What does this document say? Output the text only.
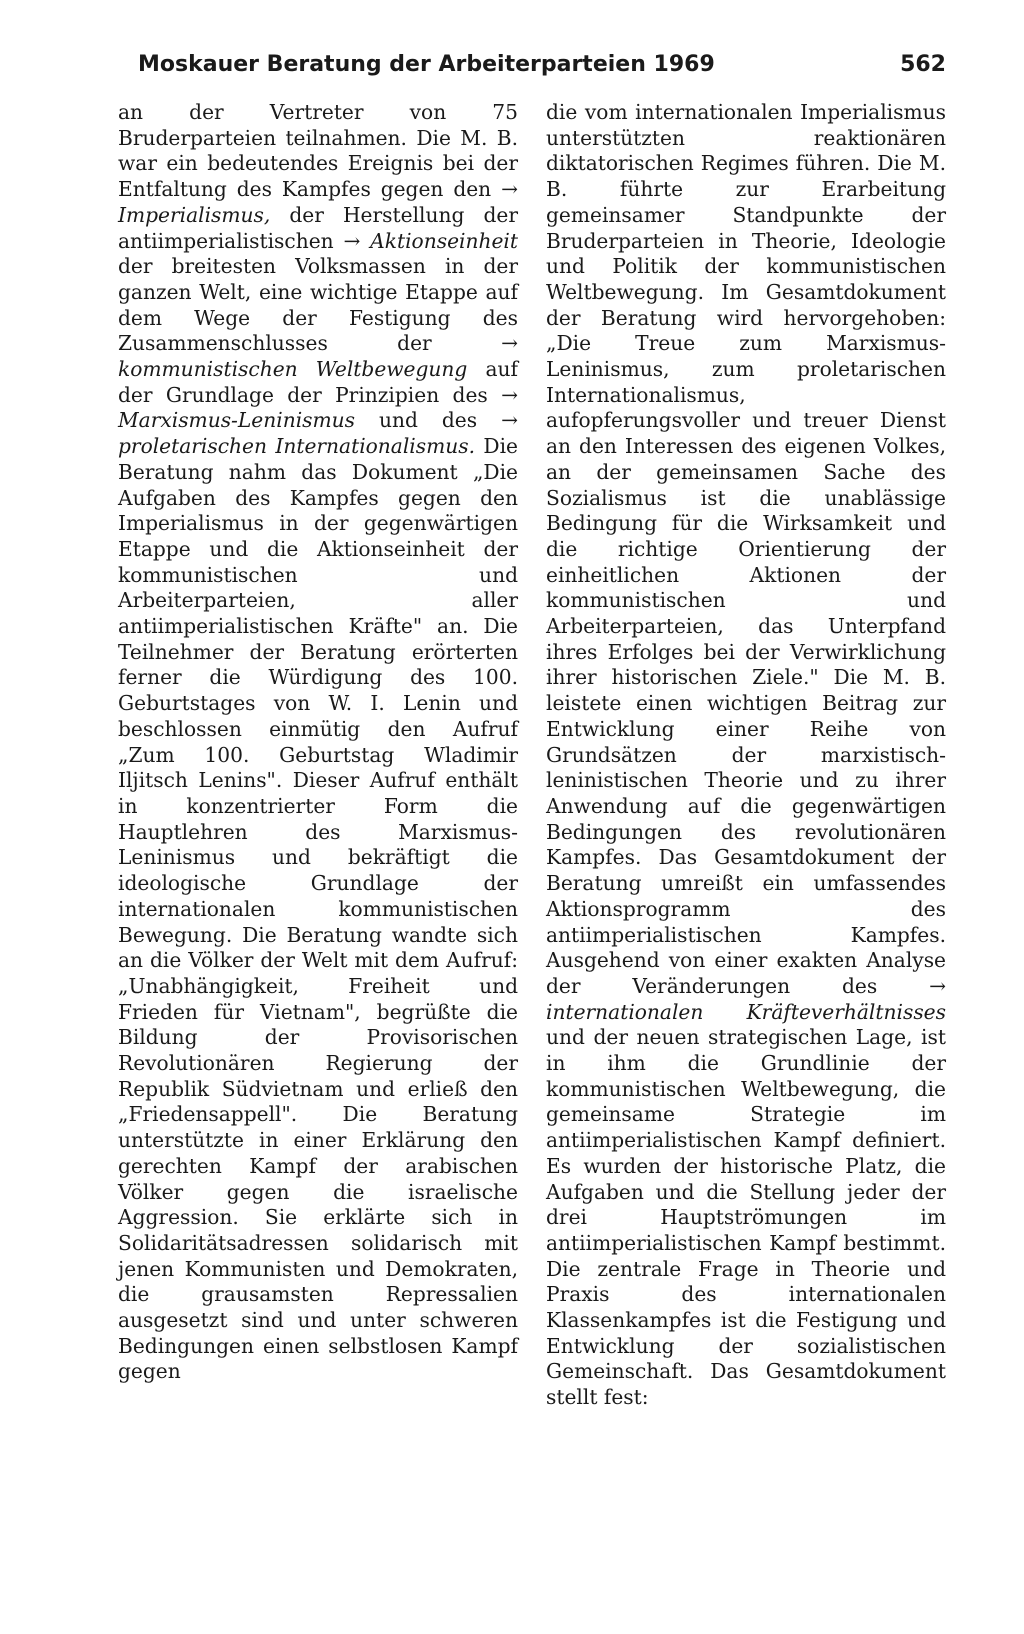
Moskauer Beratung der Arbeiterparteien 1969	562

an der Vertreter von 75 Bruderparteien teilnahmen. Die M. B. war ein bedeutendes Ereignis bei der Entfaltung des Kampfes gegen den → Imperialismus, der Herstellung der antiimperialistischen → Aktionseinheit der breitesten Volksmassen in der ganzen Welt, eine wichtige Etappe auf dem Wege der Festigung des Zusammenschlusses der → kommunistischen Weltbewegung auf der Grundlage der Prinzipien des → Marxismus-Leninismus und des → proletarischen Internationalismus. Die Beratung nahm das Dokument „Die Aufgaben des Kampfes gegen den Imperialismus in der gegenwärtigen Etappe und die Aktionseinheit der kommunistischen und Arbeiterparteien, aller antiimperialistischen Kräfte" an. Die Teilnehmer der Beratung erörterten ferner die Würdigung des 100. Geburtstages von W. I. Lenin und beschlossen einmütig den Aufruf „Zum 100. Geburtstag Wladimir Iljitsch Lenins". Dieser Aufruf enthält in konzentrierter Form die Hauptlehren des Marxismus-Leninismus und bekräftigt die ideologische Grundlage der internationalen kommunistischen Bewegung. Die Beratung wandte sich an die Völker der Welt mit dem Aufruf: „Unabhängigkeit, Freiheit und Frieden für Vietnam", begrüßte die Bildung der Provisorischen Revolutionären Regierung der Republik Südvietnam und erließ den „Friedensappell". Die Beratung unterstützte in einer Erklärung den gerechten Kampf der arabischen Völker gegen die israelische Aggression. Sie erklärte sich in Solidaritätsadressen solidarisch mit jenen Kommunisten und Demokraten, die grausamsten Repressalien ausgesetzt sind und unter schweren Bedingungen einen selbstlosen Kampf gegen

die vom internationalen Imperialismus unterstützten reaktionären diktatorischen Regimes führen. Die M. B. führte zur Erarbeitung gemeinsamer Standpunkte der Bruderparteien in Theorie, Ideologie und Politik der kommunistischen Weltbewegung. Im Gesamtdokument der Beratung wird hervorgehoben: „Die Treue zum Marxismus-Leninismus, zum proletarischen Internationalismus, aufopferungsvoller und treuer Dienst an den Interessen des eigenen Volkes, an der gemeinsamen Sache des Sozialismus ist die unablässige Bedingung für die Wirksamkeit und die richtige Orientierung der einheitlichen Aktionen der kommunistischen und Arbeiterparteien, das Unterpfand ihres Erfolges bei der Verwirklichung ihrer historischen Ziele." Die M. B. leistete einen wichtigen Beitrag zur Entwicklung einer Reihe von Grundsätzen der marxistisch-leninistischen Theorie und zu ihrer Anwendung auf die gegenwärtigen Bedingungen des revolutionären Kampfes. Das Gesamtdokument der Beratung umreißt ein umfassendes Aktionsprogramm des antiimperialistischen Kampfes. Ausgehend von einer exakten Analyse der Veränderungen des → internationalen Kräfteverhältnisses und der neuen strategischen Lage, ist in ihm die Grundlinie der kommunistischen Weltbewegung, die gemeinsame Strategie im antiimperialistischen Kampf definiert. Es wurden der historische Platz, die Aufgaben und die Stellung jeder der drei Hauptströmungen im antiimperialistischen Kampf bestimmt. Die zentrale Frage in Theorie und Praxis des internationalen Klassenkampfes ist die Festigung und Entwicklung der sozialistischen Gemeinschaft. Das Gesamtdokument stellt fest:
